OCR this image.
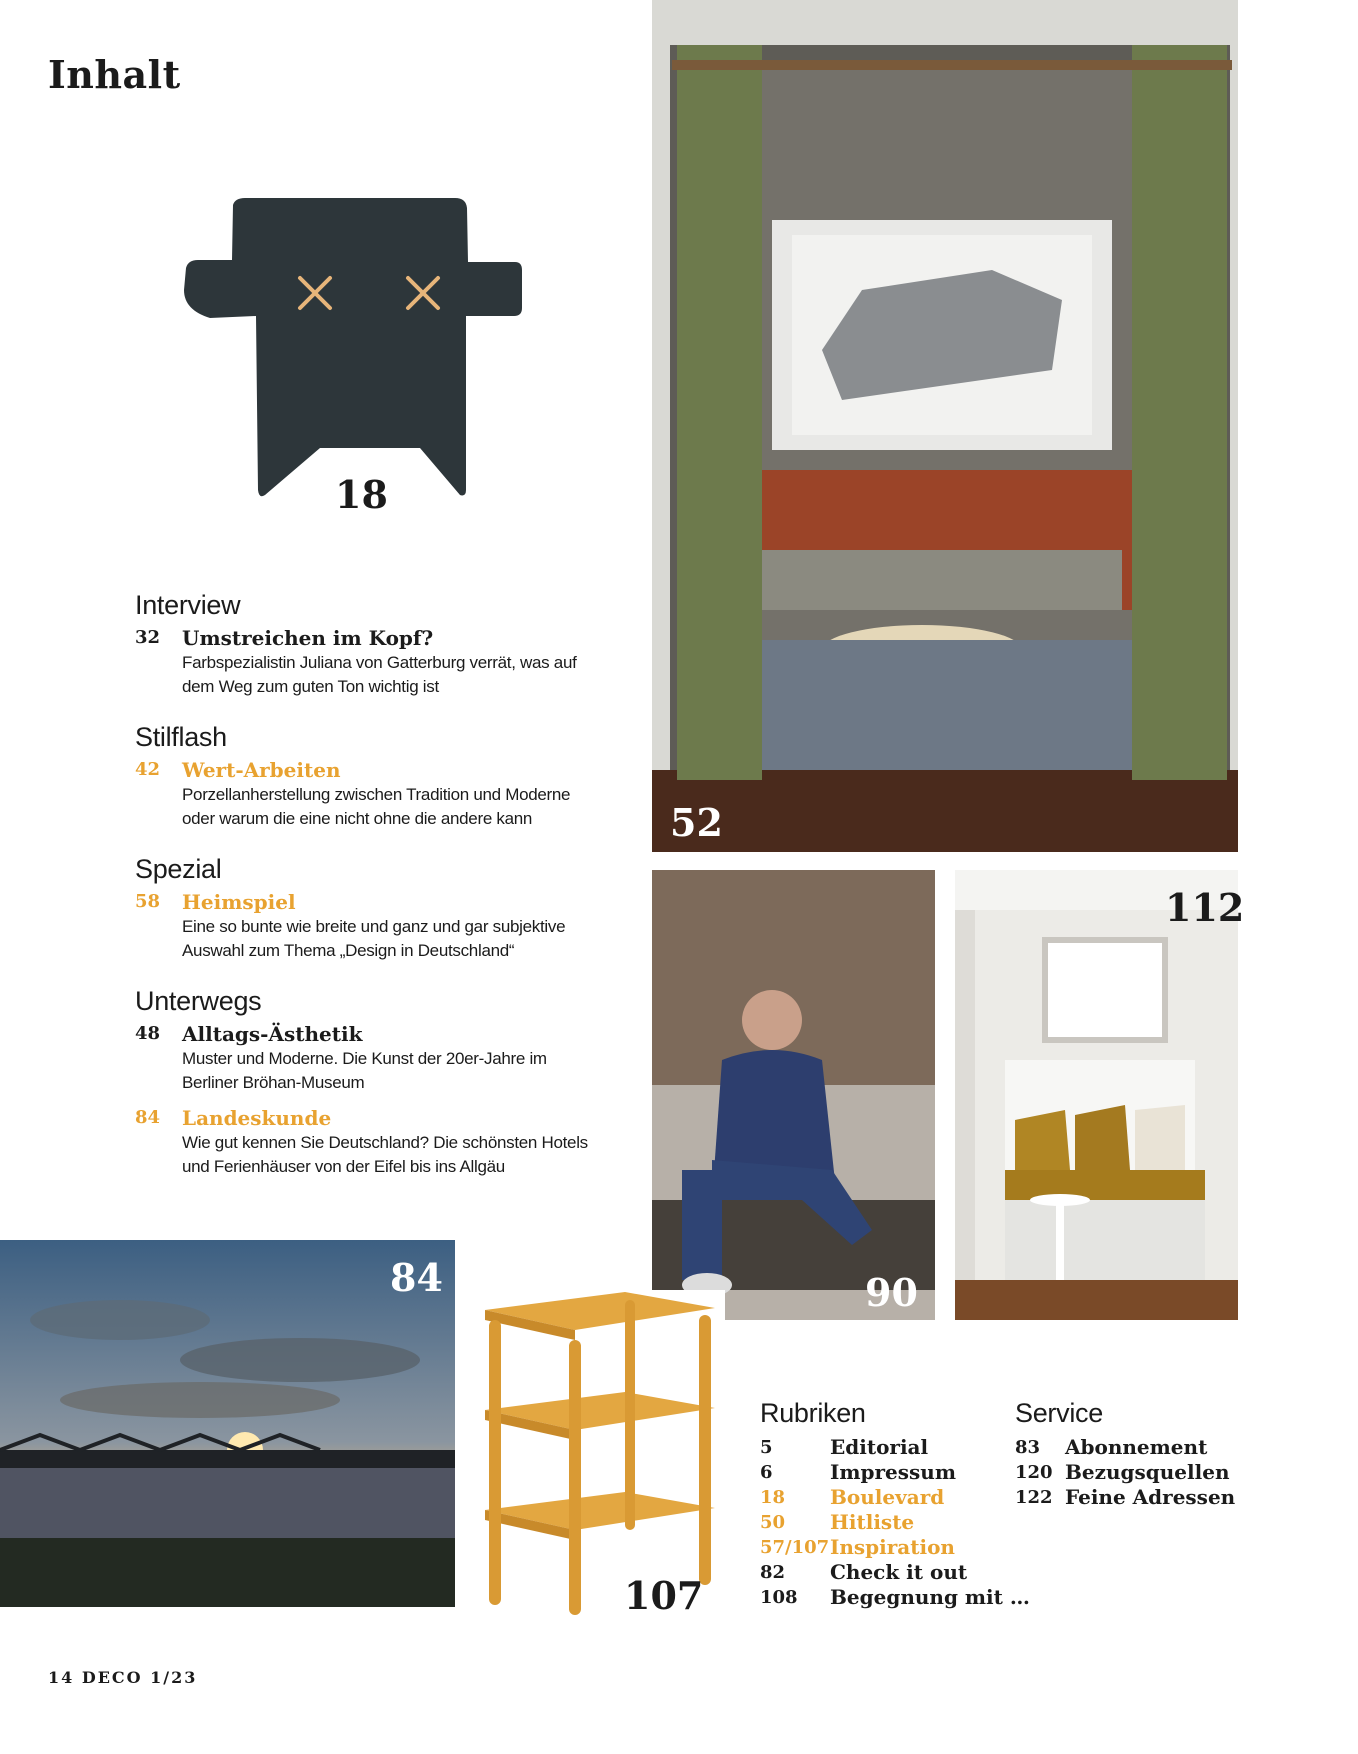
Inhalt
18
52
90
112
84
107
Interview
32 Umstreichen im Kopf?
Farbspezialistin Juliana von Gatterburg verrät, was auf
dem Weg zum guten Ton wichtig ist
Stilflash
42 Wert-Arbeiten
Porzellanherstellung zwischen Tradition und Moderne
oder warum die eine nicht ohne die andere kann
Spezial
58 Heimspiel
Eine so bunte wie breite und ganz und gar subjektive
Auswahl zum Thema „Design in Deutschland“
Unterwegs
48 Alltags-Ästhetik
Muster und Moderne. Die Kunst der 20er-Jahre im
Berliner Bröhan-Museum
84 Landeskunde
Wie gut kennen Sie Deutschland? Die schönsten Hotels
und Ferienhäuser von der Eifel bis ins Allgäu
Rubriken
5	Editorial
6	Impressum
18	Boulevard
50	Hitliste
57/107 Inspiration
82	Check it out
108	Begegnung mit …
Service
83	Abonnement
120 Bezugsquellen
122 Feine Adressen
14 DECO 1/23
